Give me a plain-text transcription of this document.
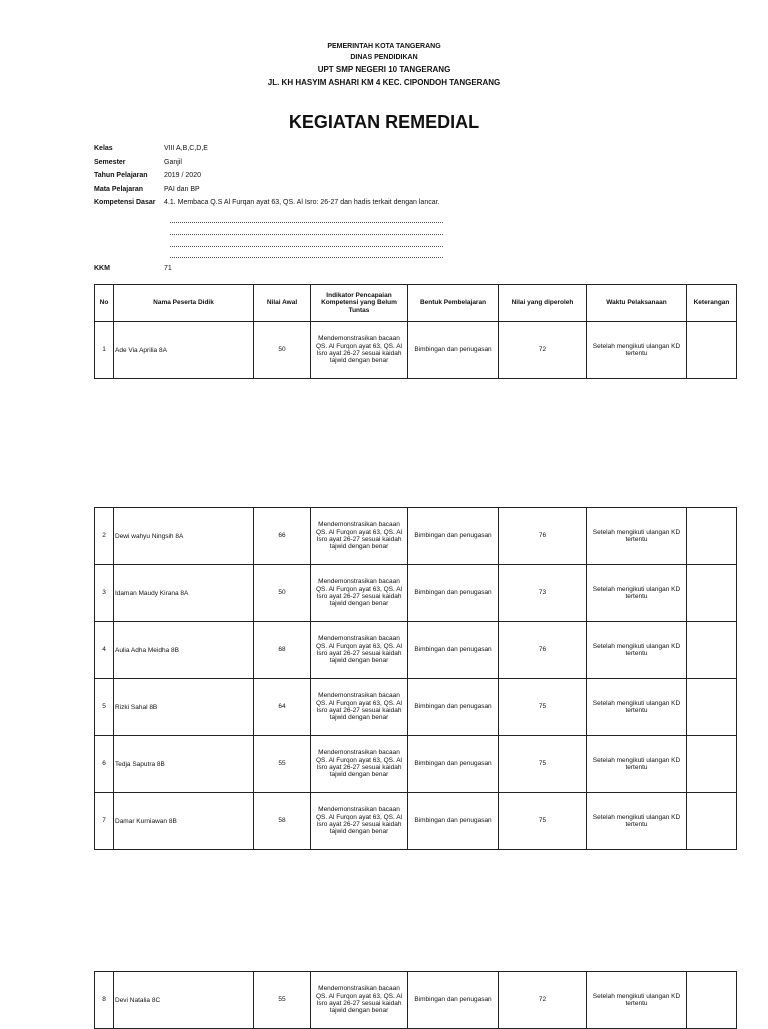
PEMERINTAH KOTA TANGERANG
DINAS PENDIDIKAN
UPT SMP NEGERI 10 TANGERANG
JL. KH HASYIM ASHARI KM 4 KEC. CIPONDOH TANGERANG
KEGIATAN REMEDIAL
Kelas	VIII A,B,C,D,E
Semester	Ganjil
Tahun Pelajaran 2019 / 2020
Mata Pelajaran	PAI dan BP
Kompetensi Dasar 4.1. Membaca Q.S Al Furqan ayat 63, QS. Al Isro: 26-27 dan hadis terkait dengan lancar.
KKM	71
No	Nama Peserta Didik	Nilai Awal	Indikator Pencapaian Kompetensi yang Belum Tuntas	Bentuk Pembelajaran	Nilai yang diperoleh	Waktu Pelaksanaan	Keterangan
1	Ade Via Aprilia 8A	50	Mendemonstrasikan bacaan QS. Al Furqon ayat 63, QS. Al Isro ayat 26-27 sesuai kaidah tajwid dengan benar	Bimbingan dan penugasan	72	Setelah mengikuti ulangan KD tertentu	
2	Dewi wahyu Ningsih 8A	66	Mendemonstrasikan bacaan QS. Al Furqon ayat 63, QS. Al Isro ayat 26-27 sesuai kaidah tajwid dengan benar	Bimbingan dan penugasan	76	Setelah mengikuti ulangan KD tertentu	
3	Idaman Maudy Kirana 8A	50	Mendemonstrasikan bacaan QS. Al Furqon ayat 63, QS. Al Isro ayat 26-27 sesuai kaidah tajwid dengan benar	Bimbingan dan penugasan	73	Setelah mengikuti ulangan KD tertentu	
4	Aulia Adha Meidha 8B	68	Mendemonstrasikan bacaan QS. Al Furqon ayat 63, QS. Al Isro ayat 26-27 sesuai kaidah tajwid dengan benar	Bimbingan dan penugasan	76	Setelah mengikuti ulangan KD tertentu	
5	Rizki Sahal 8B	64	Mendemonstrasikan bacaan QS. Al Furqon ayat 63, QS. Al Isro ayat 26-27 sesuai kaidah tajwid dengan benar	Bimbingan dan penugasan	75	Setelah mengikuti ulangan KD tertentu	
6	Tedja Saputra 8B	55	Mendemonstrasikan bacaan QS. Al Furqon ayat 63, QS. Al Isro ayat 26-27 sesuai kaidah tajwid dengan benar	Bimbingan dan penugasan	75	Setelah mengikuti ulangan KD tertentu	
7	Damar Kurniawan 8B	58	Mendemonstrasikan bacaan QS. Al Furqon ayat 63, QS. Al Isro ayat 26-27 sesuai kaidah tajwid dengan benar	Bimbingan dan penugasan	75	Setelah mengikuti ulangan KD tertentu	
8	Devi Natalia 8C	55	Mendemonstrasikan bacaan QS. Al Furqon ayat 63, QS. Al Isro ayat 26-27 sesuai kaidah tajwid dengan benar	Bimbingan dan penugasan	72	Setelah mengikuti ulangan KD tertentu	
